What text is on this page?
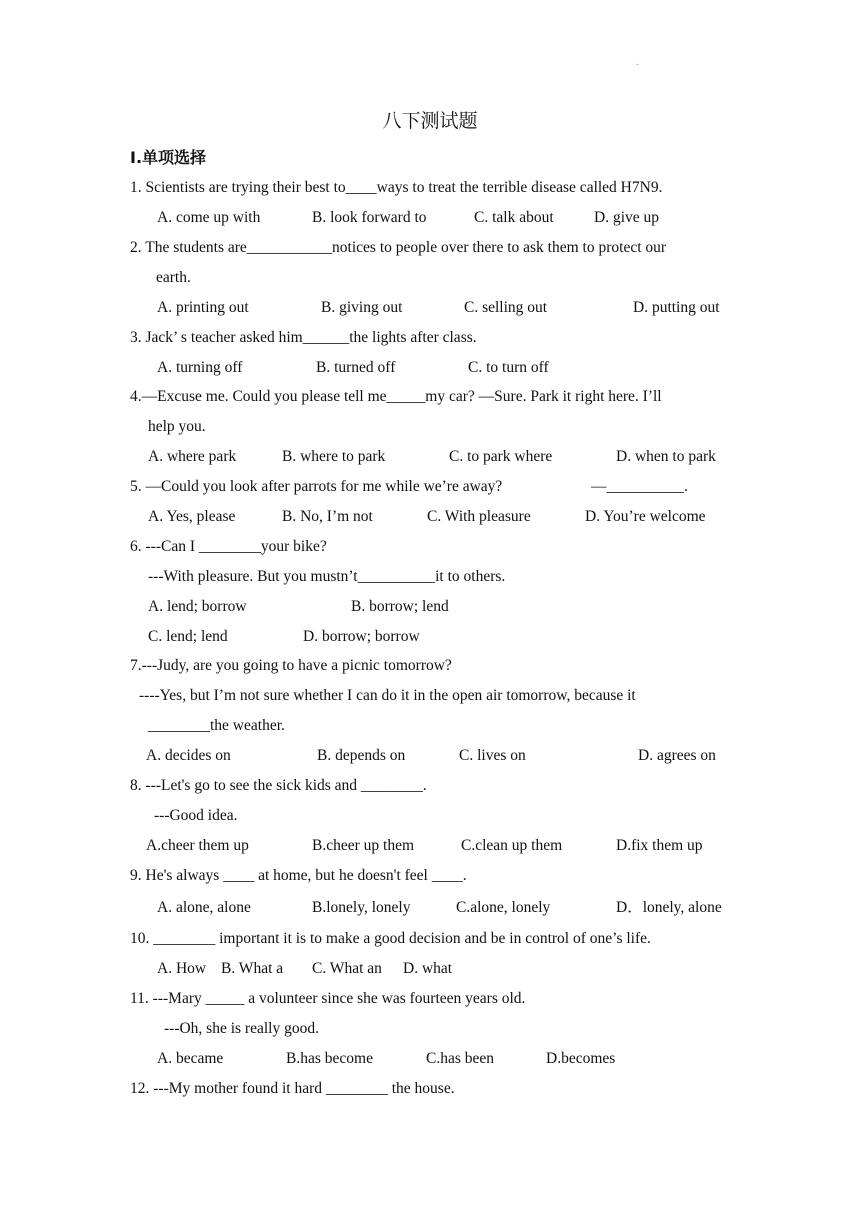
.
八下测试题
I.单项选择
1. Scientists are trying their best to____ways to treat the terrible disease called H7N9.
A. come up with	B. look forward to	C. talk about	D. give up
2. The students are___________notices to people over there to ask them to protect our
earth.
A. printing out	B. giving out	C. selling out	D. putting out
3. Jack’ s teacher asked him______the lights after class.
A. turning off	B. turned off	C. to turn off
4.—Excuse me. Could you please tell me_____my car? —Sure. Park it right here. I’ll
help you.
A. where park	B. where to park	C. to park where	D. when to park
5. —Could you look after parrots for me while we’re away?	—__________.
A. Yes, please	B. No, I’m not	C. With pleasure	D. You’re welcome
6. ---Can I ________your bike?
---With pleasure. But you mustn’t__________it to others.
A. lend; borrow	B. borrow; lend
C. lend; lend	D. borrow; borrow
7.---Judy, are you going to have a picnic tomorrow?
----Yes, but I’m not sure whether I can do it in the open air tomorrow, because it
________the weather.
A. decides on	B. depends on	C. lives on	D. agrees on
8. ---Let's go to see the sick kids and ________.
---Good idea.
A.cheer them up	B.cheer up them	C.clean up them	D.fix them up
9. He's always ____ at home, but he doesn't feel ____.
A. alone, alone	B.lonely, lonely	C.alone, lonely	D．lonely, alone
10. ________ important it is to make a good decision and be in control of one’s life.
A. How B. What a C. What an D. what
11. ---Mary _____ a volunteer since she was fourteen years old.
---Oh, she is really good.
A. became	B.has become	C.has been	D.becomes
12. ---My mother found it hard ________ the house.
